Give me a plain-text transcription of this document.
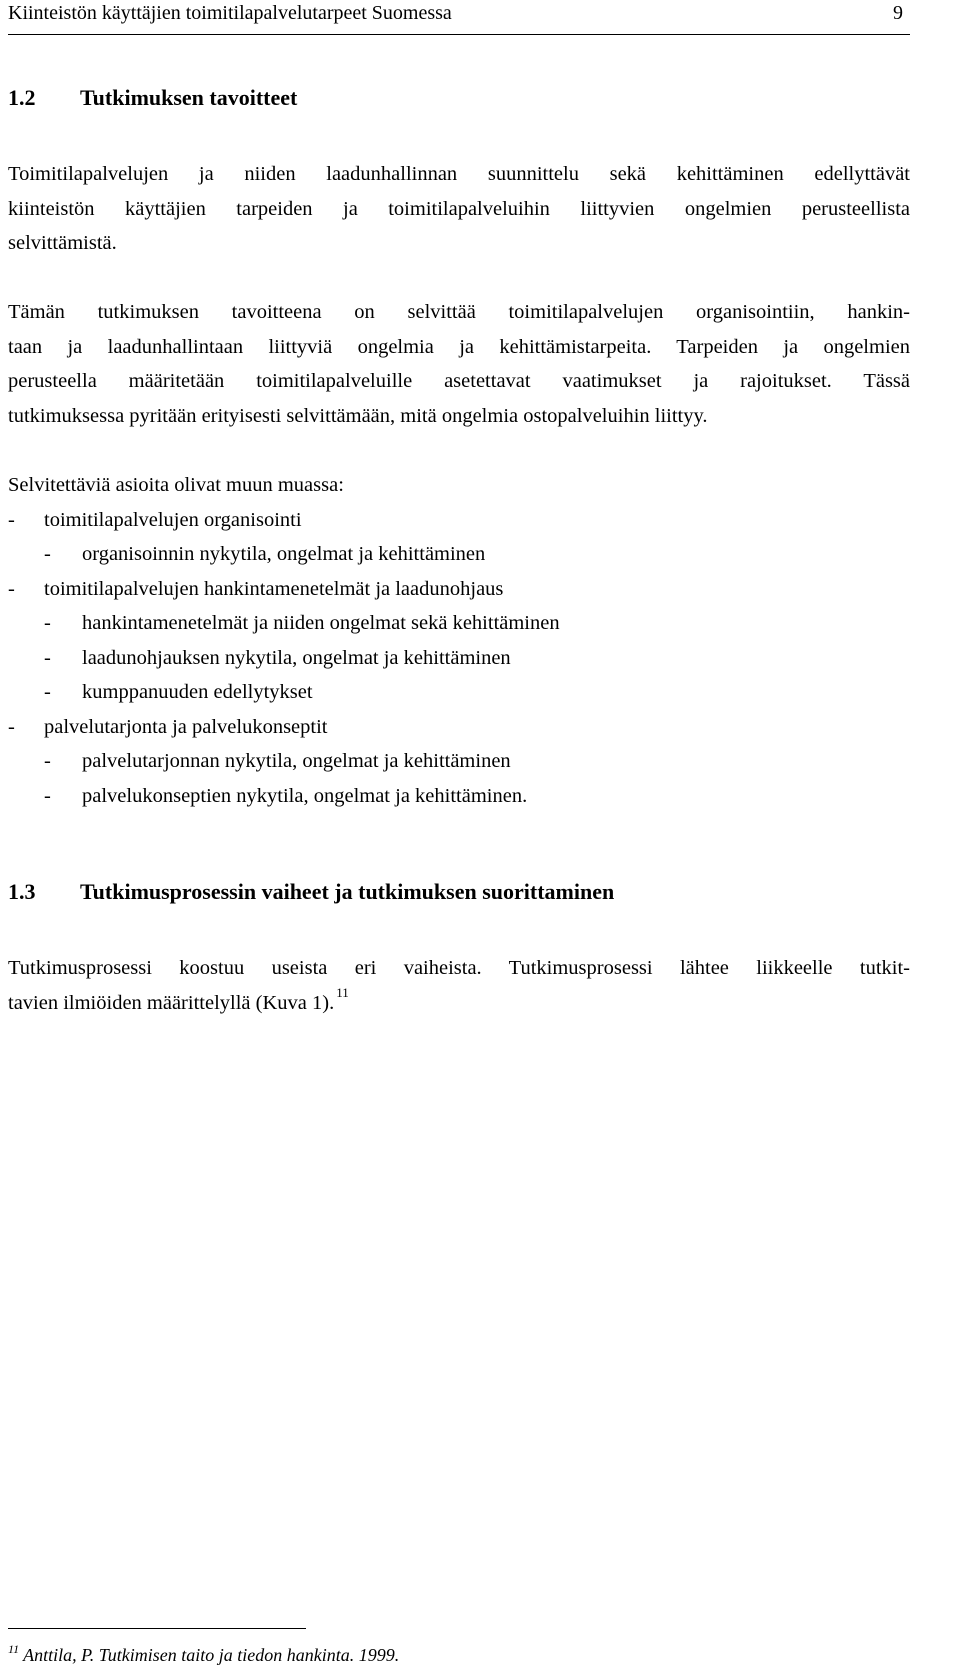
Kiinteistön käyttäjien toimitilapalvelutarpeet Suomessa	9
1.2 Tutkimuksen tavoitteet
Toimitilapalvelujen ja niiden laadunhallinnan suunnittelu sekä kehittäminen edellyttävät
kiinteistön käyttäjien tarpeiden ja toimitilapalveluihin liittyvien ongelmien perusteellista
selvittämistä.
Tämän tutkimuksen tavoitteena on selvittää toimitilapalvelujen organisointiin, hankin-
taan ja laadunhallintaan liittyviä ongelmia ja kehittämistarpeita. Tarpeiden ja ongelmien
perusteella määritetään toimitilapalveluille asetettavat vaatimukset ja rajoitukset. Tässä
tutkimuksessa pyritään erityisesti selvittämään, mitä ongelmia ostopalveluihin liittyy.
Selvitettäviä asioita olivat muun muassa:
- toimitilapalvelujen organisointi
- organisoinnin nykytila, ongelmat ja kehittäminen
- toimitilapalvelujen hankintamenetelmät ja laadunohjaus
- hankintamenetelmät ja niiden ongelmat sekä kehittäminen
- laadunohjauksen nykytila, ongelmat ja kehittäminen
- kumppanuuden edellytykset
- palvelutarjonta ja palvelukonseptit
- palvelutarjonnan nykytila, ongelmat ja kehittäminen
- palvelukonseptien nykytila, ongelmat ja kehittäminen.
1.3 Tutkimusprosessin vaiheet ja tutkimuksen suorittaminen
Tutkimusprosessi koostuu useista eri vaiheista. Tutkimusprosessi lähtee liikkeelle tutkit-
tavien ilmiöiden määrittelyllä (Kuva 1). $^{11}$
$^{11}$ Anttila, P. Tutkimisen taito ja tiedon hankinta. 1999.
